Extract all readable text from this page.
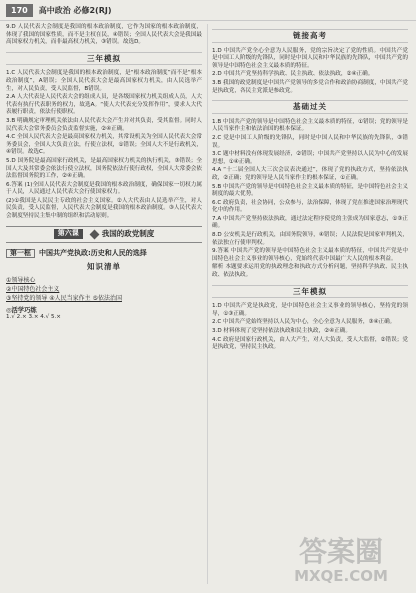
170	高中政治 必修2(RJ)

9.D 人民代表大会制度是我国的根本政治制度，它作为国家的根本政治制度，体现了我国的国家性质，而不是主权在民，④错误；全国人民代表大会是我国最高国家权力机关，而非最高权力机关，③错误。故选D。

三年模拟

1.C 人民代表大会制度是我国的根本政治制度，是“根本政治制度”而不是“根本政治制度”，A错误；全国人民代表大会是最高国家权力机关，由人民选举产生，对人民负责，受人民监督，B错误。

2.A 人大代表是人民代表大会的组成人员，是各级国家权力机关组成人员，人大代表有执行代表职务的权力，故选A。“使人大代表充分发挥作用”，要求人大代表履行职责，依法行使职权。

3.B 明确规定审理机关依法由人民代表大会产生并对其负责，受其监督。同时人民代表大会常务委员会负责监督实施，②④正确。

4.C 全国人民代表大会是最高国家权力机关，其常设机关为全国人民代表大会常务委员会，全国人大负责立法，行使立法权，①错误；全国人大不是行政机关，④错误。故选C。

5.D 国务院是最高国家行政机关，是最高国家权力机关的执行机关，③错误；全国人大及其常委会依法行使立法权，国务院依法行使行政权，全国人大常委会依法监督国务院的工作，②④正确。

6.答案 (1)全国人民代表大会制度是我国的根本政治制度，确保国家一切权力属于人民，人民通过人民代表大会行使国家权力。

(2)①我国是人民民主专政的社会主义国家。②人大代表由人民选举产生，对人民负责，受人民监督，人民代表大会制度是我国的根本政治制度。③人民代表大会制度坚持民主集中制的组织和活动原则。

第六课	我国的政党制度
第一框	中国共产党执政:历史和人民的选择
知识清单
①领导核心
②中国特色社会主义
③坚持党的领导 ④人民当家作主 ⑤依法治国
◎活学巧练

1.√ 2.× 3.× 4.√ 5.×

链接高考

1.D 中国共产党全心全意为人民服务，党的宗旨决定了党的性质。中国共产党是中国工人阶级的先锋队，同时是中国人民和中华民族的先锋队，中国共产党的领导是中国特色社会主义最本质的特征。

2.D 中国共产党坚持科学执政、民主执政、依法执政，②④正确。

3.B 我国的政党制度是中国共产党领导的多党合作和政治协商制度，中国共产党是执政党，各民主党派是参政党。

基础过关

1.B 中国共产党的领导是中国特色社会主义最本质的特征，①错误；党的领导是人民当家作主和依法治国的根本保证。

2.C 党是中国工人阶级的先锋队，同时是中国人民和中华民族的先锋队，③错误。

3.C 题中材料没有体现发展经济，②错误；中国共产党坚持以人民为中心的发展思想，①④正确。

4.A “十二届全国人大三次会议表决通过”，体现了党的执政方式，坚持依法执政，②正确；党的领导是人民当家作主的根本保证，①正确。

5.B 中国共产党的领导是中国特色社会主义最本质的特征，是中国特色社会主义制度的最大优势。

6.C 政府负责，社会协同，公众参与，法治保障，体现了党在推进国家治理现代化中的作用。

7.A 中国共产党坚持依法执政，通过法定程序使党的主张成为国家意志，①③正确。

8.D 公安机关是行政机关，由国务院领导，④错误；人民法院是国家审判机关，依法独立行使审判权。

9.答案 中国共产党的领导是中国特色社会主义最本质的特征，中国共产党是中国特色社会主义事业的领导核心，党始终代表中国最广大人民的根本利益。

解析 本题要求运用党的执政理念和执政方式分析问题，坚持科学执政、民主执政、依法执政。

三年模拟

1.D 中国共产党是执政党，是中国特色社会主义事业的领导核心，坚持党的领导，①③正确。

2.C 中国共产党始终坚持以人民为中心，全心全意为人民服务，③④正确。

3.D 材料体现了党坚持依法执政和民主执政，②④正确。

4.C 政府是国家行政机关，由人大产生，对人大负责，受人大监督，②错误；党是执政党，坚持民主执政。

答案圈
MXQE.COM
